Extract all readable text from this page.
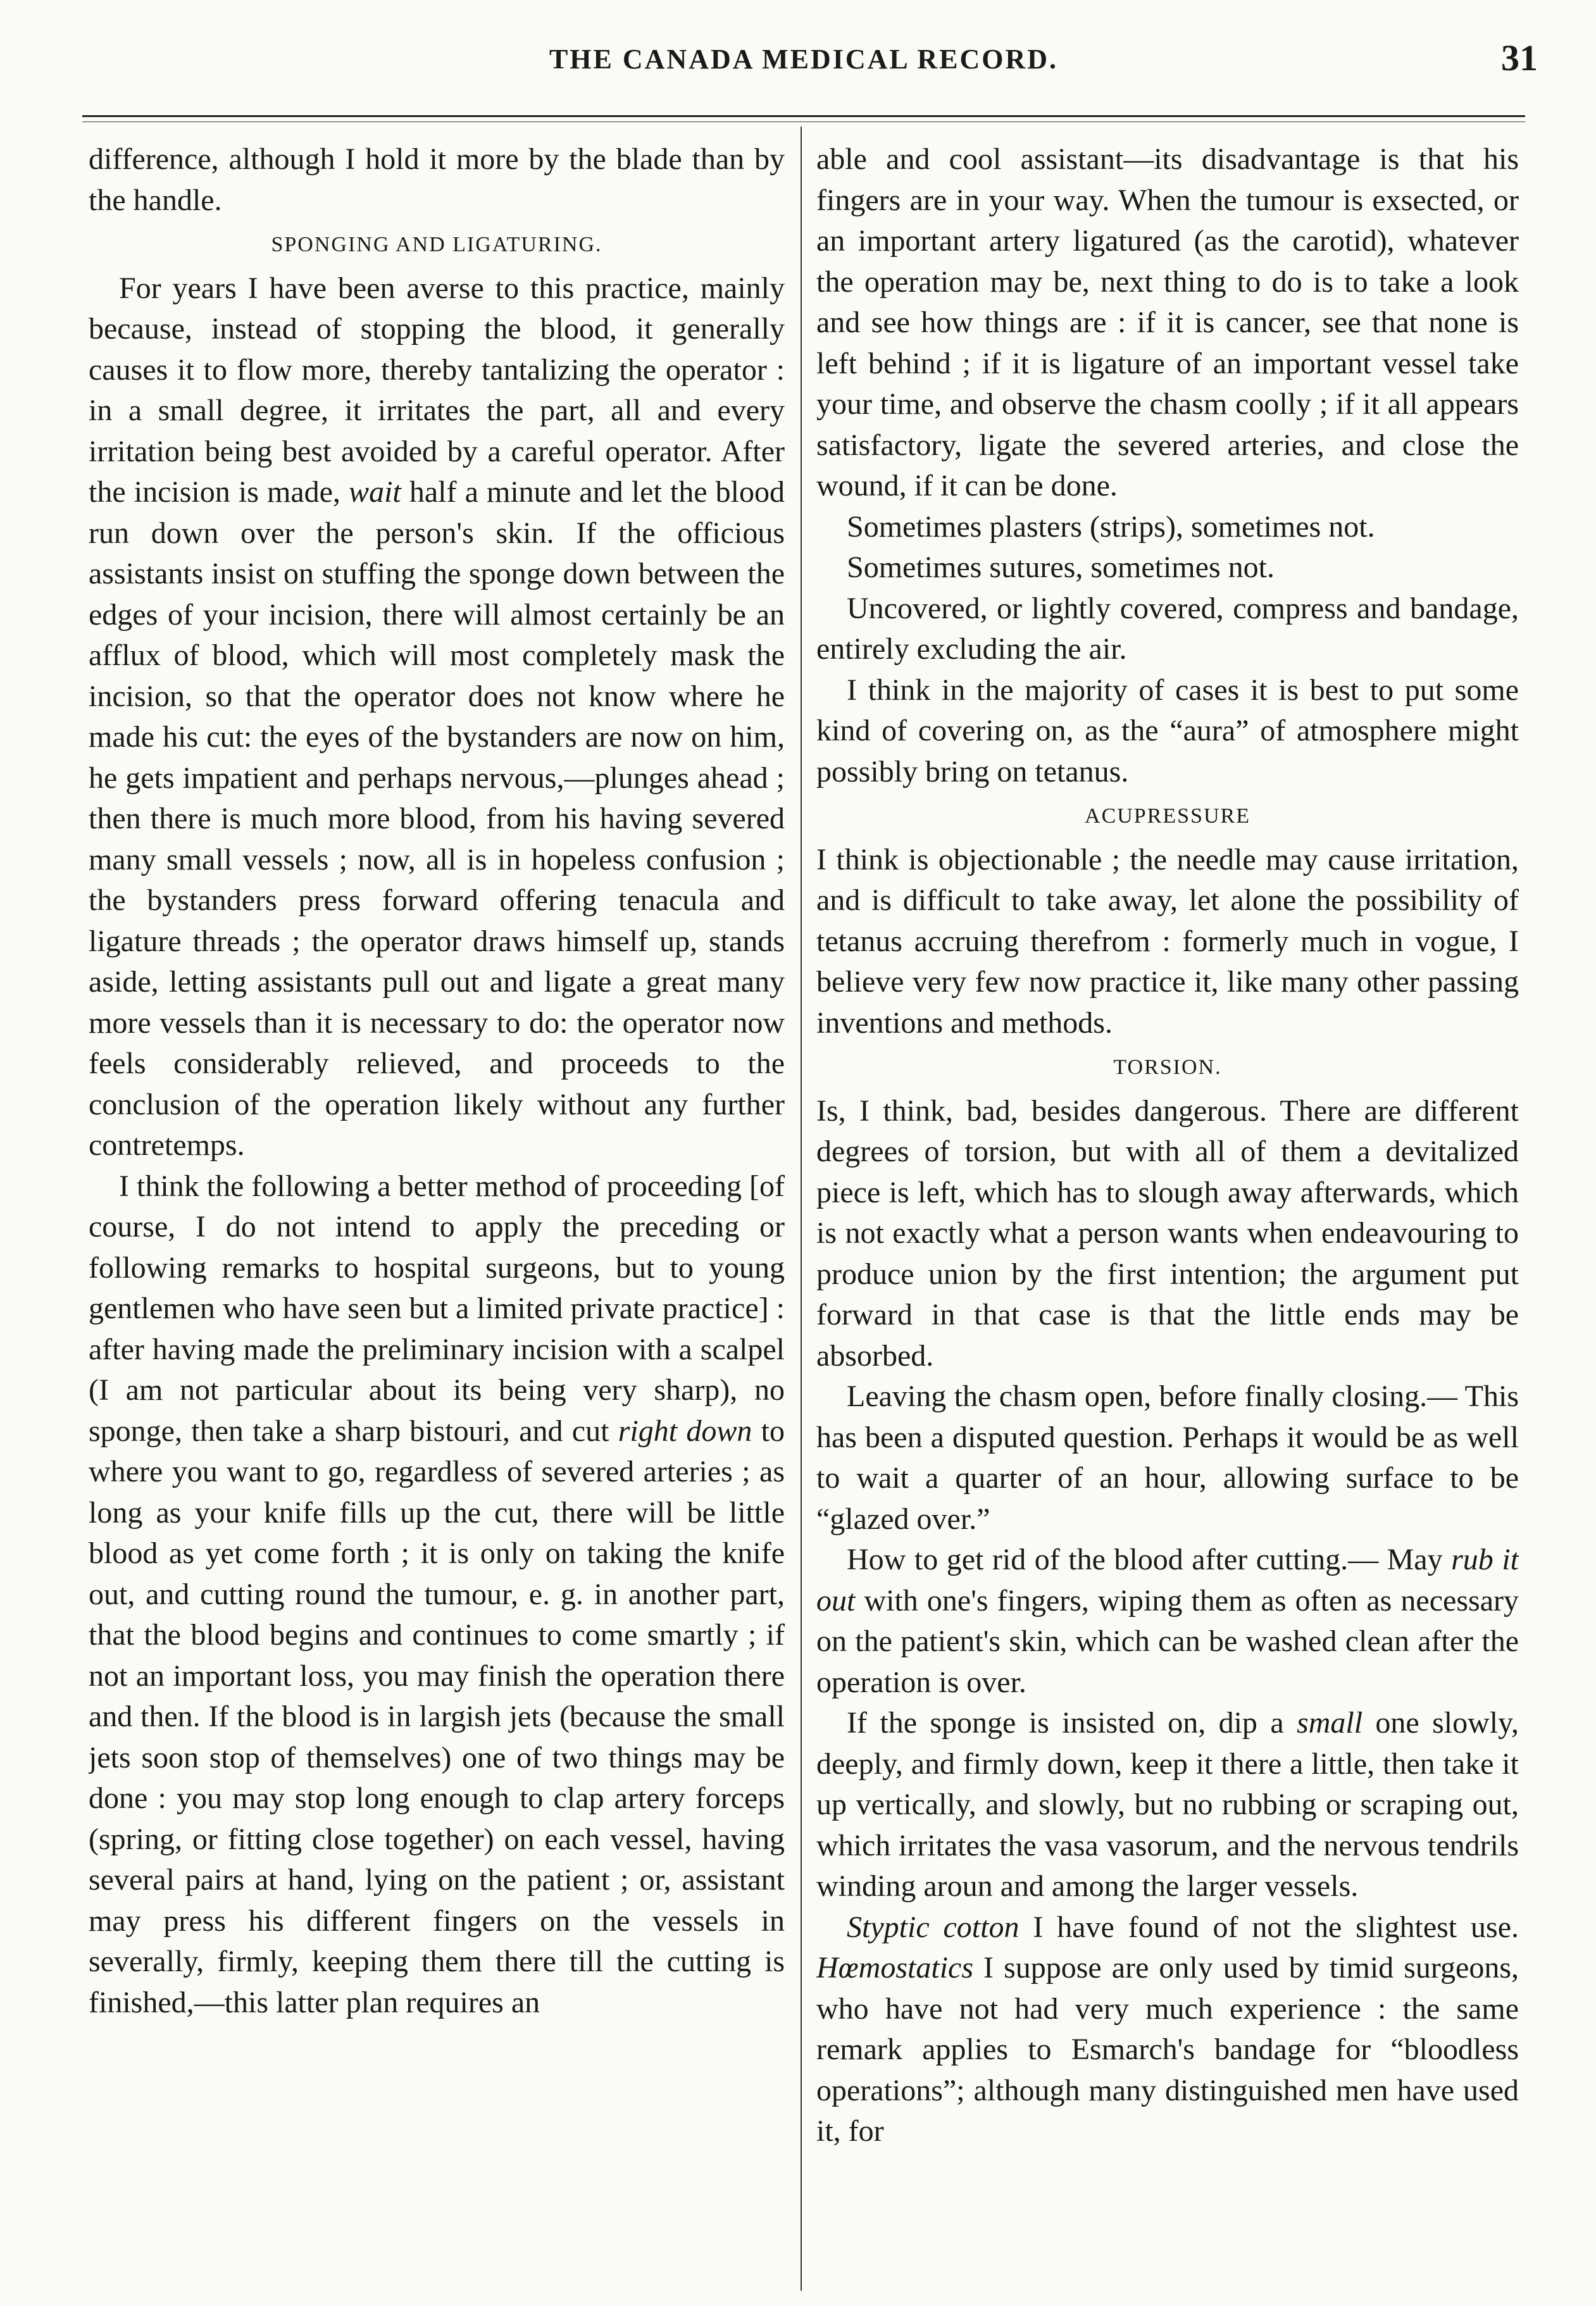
THE CANADA MEDICAL RECORD.	31

difference, although I hold it more by the blade than by the handle.

SPONGING AND LIGATURING.

For years I have been averse to this practice, mainly because, instead of stopping the blood, it generally causes it to flow more, thereby tantalizing the operator : in a small degree, it irritates the part, all and every irritation being best avoided by a careful operator. After the incision is made, wait half a minute and let the blood run down over the person's skin. If the officious assistants insist on stuffing the sponge down between the edges of your incision, there will almost certainly be an afflux of blood, which will most completely mask the incision, so that the operator does not know where he made his cut: the eyes of the bystanders are now on him, he gets impatient and perhaps nervous,—plunges ahead ; then there is much more blood, from his having severed many small vessels ; now, all is in hopeless confusion ; the bystanders press forward offering tenacula and ligature threads ; the operator draws himself up, stands aside, letting assistants pull out and ligate a great many more vessels than it is necessary to do: the operator now feels considerably relieved, and proceeds to the conclusion of the operation likely without any further contretemps.

I think the following a better method of proceeding [of course, I do not intend to apply the preceding or following remarks to hospital surgeons, but to young gentlemen who have seen but a limited private practice] : after having made the preliminary incision with a scalpel (I am not particular about its being very sharp), no sponge, then take a sharp bistouri, and cut right down to where you want to go, regardless of severed arteries ; as long as your knife fills up the cut, there will be little blood as yet come forth ; it is only on taking the knife out, and cutting round the tumour, e. g. in another part, that the blood begins and continues to come smartly ; if not an important loss, you may finish the operation there and then. If the blood is in largish jets (because the small jets soon stop of themselves) one of two things may be done : you may stop long enough to clap artery forceps (spring, or fitting close together) on each vessel, having several pairs at hand, lying on the patient ; or, assistant may press his different fingers on the vessels in severally, firmly, keeping them there till the cutting is finished,—this latter plan requires an

able and cool assistant—its disadvantage is that his fingers are in your way. When the tumour is exsected, or an important artery ligatured (as the carotid), whatever the operation may be, next thing to do is to take a look and see how things are : if it is cancer, see that none is left behind ; if it is ligature of an important vessel take your time, and observe the chasm coolly ; if it all appears satisfactory, ligate the severed arteries, and close the wound, if it can be done.

Sometimes plasters (strips), sometimes not.

Sometimes sutures, sometimes not.

Uncovered, or lightly covered, compress and bandage, entirely excluding the air.

I think in the majority of cases it is best to put some kind of covering on, as the “aura” of atmosphere might possibly bring on tetanus.

ACUPRESSURE

I think is objectionable ; the needle may cause irritation, and is difficult to take away, let alone the possibility of tetanus accruing therefrom : formerly much in vogue, I believe very few now practice it, like many other passing inventions and methods.

TORSION.

Is, I think, bad, besides dangerous. There are different degrees of torsion, but with all of them a devitalized piece is left, which has to slough away afterwards, which is not exactly what a person wants when endeavouring to produce union by the first intention; the argument put forward in that case is that the little ends may be absorbed.

Leaving the chasm open, before finally closing.— This has been a disputed question. Perhaps it would be as well to wait a quarter of an hour, allowing surface to be “glazed over.”

How to get rid of the blood after cutting.— May rub it out with one's fingers, wiping them as often as necessary on the patient's skin, which can be washed clean after the operation is over.

If the sponge is insisted on, dip a small one slowly, deeply, and firmly down, keep it there a little, then take it up vertically, and slowly, but no rubbing or scraping out, which irritates the vasa vasorum, and the nervous tendrils winding aroun and among the larger vessels.

Styptic cotton I have found of not the slightest use. Hœmostatics I suppose are only used by timid surgeons, who have not had very much experience : the same remark applies to Esmarch's bandage for “bloodless operations”; although many distinguished men have used it, for
